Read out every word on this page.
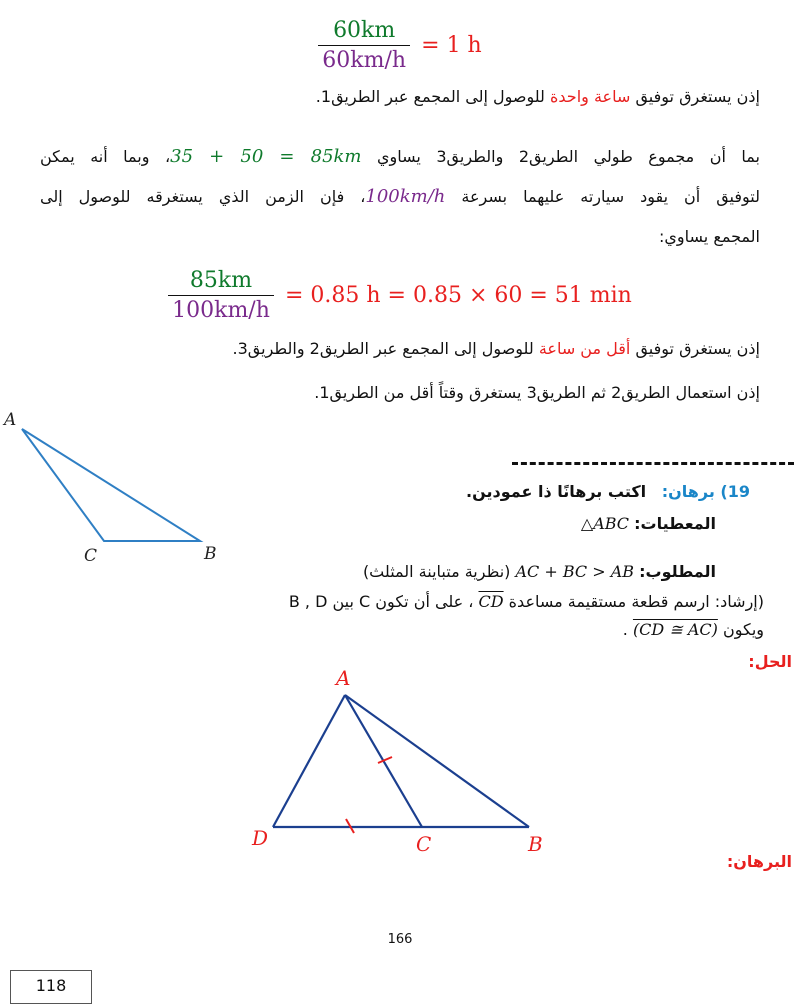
$\frac{60km}{60km/h} = 1$ h
إذن يستغرق توفيق ساعة واحدة للوصول إلى المجمع عبر الطريق1.
بما أن مجموع طولي الطريق2 والطريق3 يساوي 35 + 50 = 85km، وبما أنه يمكن
لتوفيق أن يقود سيارته عليهما بسرعة 100km/h، فإن الزمن الذي يستغرقه للوصول إلى
المجمع يساوي:
$\frac{85km}{100km/h} = 0.85$ h = 0.85 × 60 = 51 min
إذن يستغرق توفيق أقل من ساعة للوصول إلى المجمع عبر الطريق2 والطريق3.
إذن استعمال الطريق2 ثم الطريق3 يستغرق وقتاً أقل من الطريق1.
A
C	B
19) برهان: اكتب برهانًا ذا عمودين.
المعطيات: △ABC
المطلوب: AC + BC > AB (نظرية متباينة المثلث)
(إرشاد: ارسم قطعة مستقيمة مساعدة $\overline{CD}$ ، على أن تكون C بين B , D
ويكون (CD ≅ AC) .
الحل:
A
D	C	B
البرهان:
166
118
